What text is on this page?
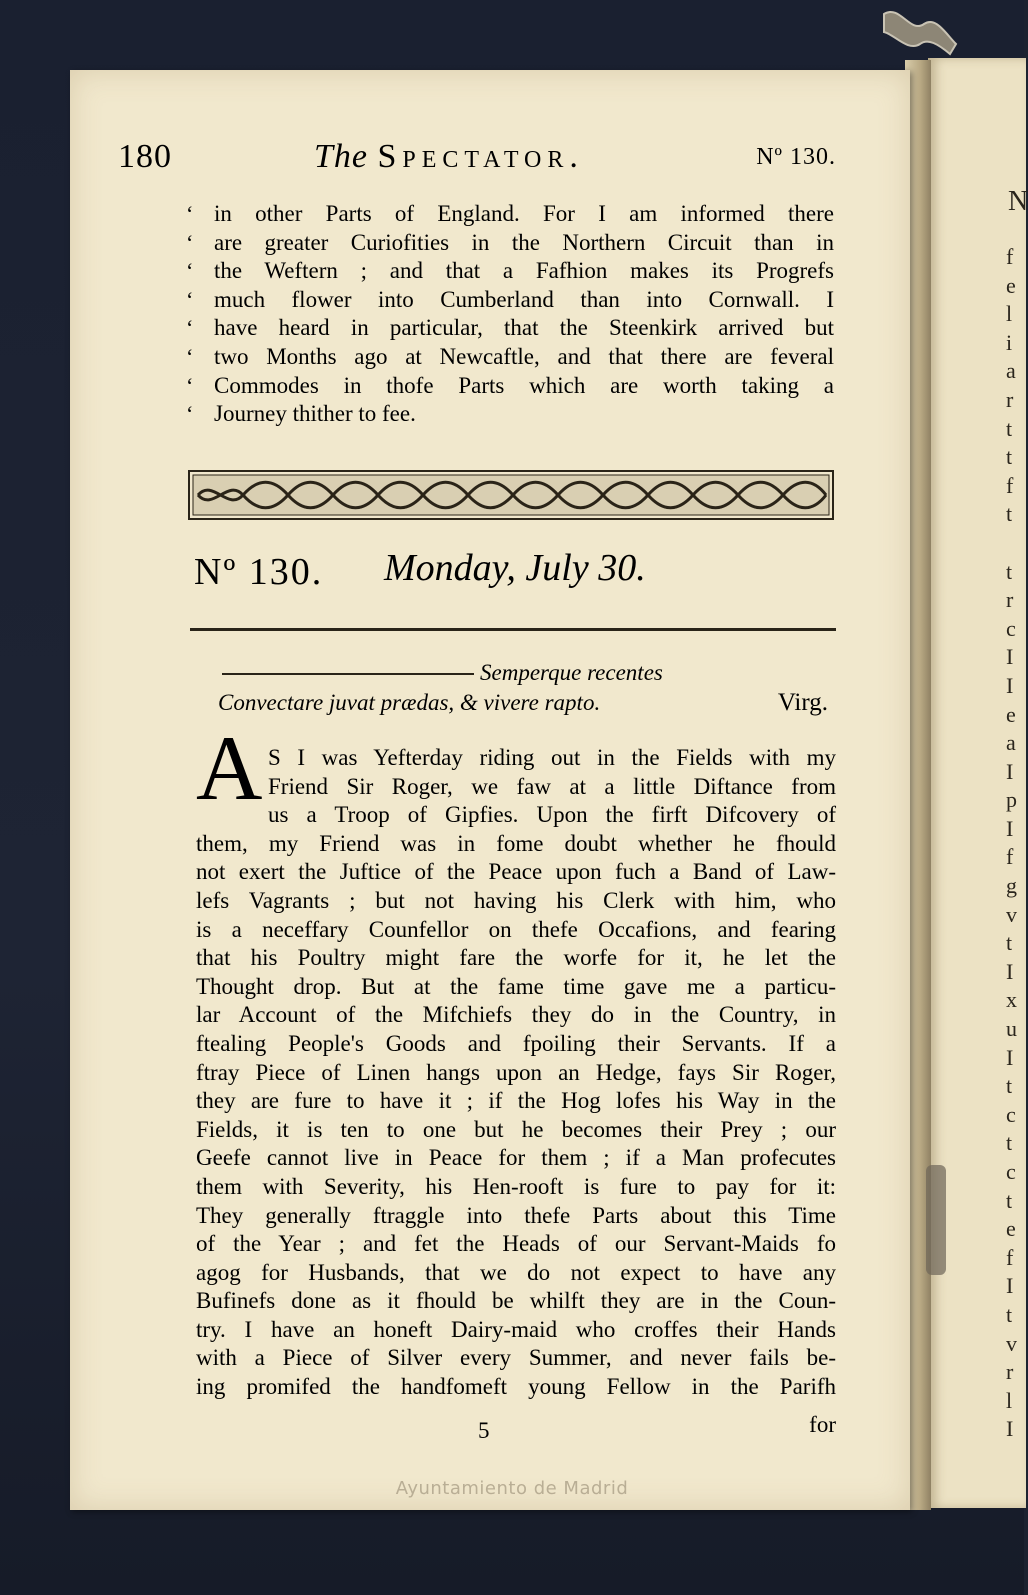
N
f
e
l
i
a
r
t
t
f
t

t
r
c
I
I
e
a
I
p
I
f
g
v
t
I
x
u
I
t
c
t
c
t
e
f
I
t
v
r
l
I
180	The Spectator.	Nº 130.
‘
‘
‘
‘
‘
‘
‘
‘
in other Parts of England. For I am informed there
are greater Curiofities in the Northern Circuit than in
the Weftern ; and that a Fafhion makes its Progrefs
much flower into Cumberland than into Cornwall. I
have heard in particular, that the Steenkirk arrived but
two Months ago at Newcaftle, and that there are feveral
Commodes in thofe Parts which are worth taking a
Journey thither to fee.
Nº 130. Monday, July 30.
Semperque recentes
Convectare juvat prædas, & vivere rapto.	Virg.
A S I was Yefterday riding out in the Fields with my
Friend Sir Roger, we faw at a little Diftance from
us a Troop of Gipfies. Upon the firft Difcovery of
them, my Friend was in fome doubt whether he fhould
not exert the Juftice of the Peace upon fuch a Band of Law-
lefs Vagrants ; but not having his Clerk with him, who
is a neceffary Counfellor on thefe Occafions, and fearing
that his Poultry might fare the worfe for it, he let the
Thought drop. But at the fame time gave me a particu-
lar Account of the Mifchiefs they do in the Country, in
ftealing People's Goods and fpoiling their Servants. If a
ftray Piece of Linen hangs upon an Hedge, fays Sir Roger,
they are fure to have it ; if the Hog lofes his Way in the
Fields, it is ten to one but he becomes their Prey ; our
Geefe cannot live in Peace for them ; if a Man profecutes
them with Severity, his Hen-rooft is fure to pay for it:
They generally ftraggle into thefe Parts about this Time
of the Year ; and fet the Heads of our Servant-Maids fo
agog for Husbands, that we do not expect to have any
Bufinefs done as it fhould be whilft they are in the Coun-
try. I have an honeft Dairy-maid who croffes their Hands
with a Piece of Silver every Summer, and never fails be-
ing promifed the handfomeft young Fellow in the Parifh
5	for
Ayuntamiento de Madrid
